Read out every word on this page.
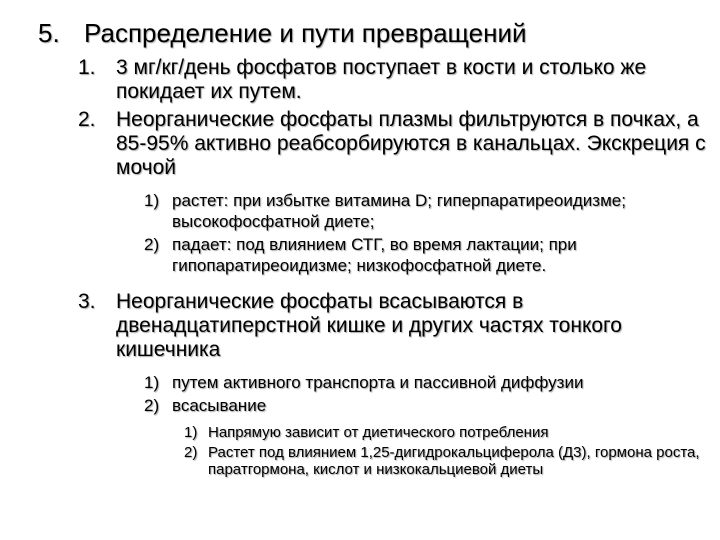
5. Распределение и пути превращений
1. 3 мг/кг/день фосфатов поступает в кости и столько же покидает их путем.
2. Неорганические фосфаты плазмы фильтруются в почках, а 85-95% активно реабсорбируются в канальцах. Экскреция с мочой
1) растет: при избытке витамина D; гиперпаратиреоидизме; высокофосфатной диете;
2) падает: под влиянием СТГ, во время лактации; при гипопаратиреоидизме; низкофосфатной диете.
3. Неорганические фосфаты всасываются в двенадцатиперстной кишке и других частях тонкого кишечника
1) путем активного транспорта и пассивной диффузии
2) всасывание
1) Напрямую зависит от диетического потребления
2) Растет под влиянием 1,25-дигидрокальциферола (Д3), гормона роста, паратгормона, кислот и низкокальциевой диеты
